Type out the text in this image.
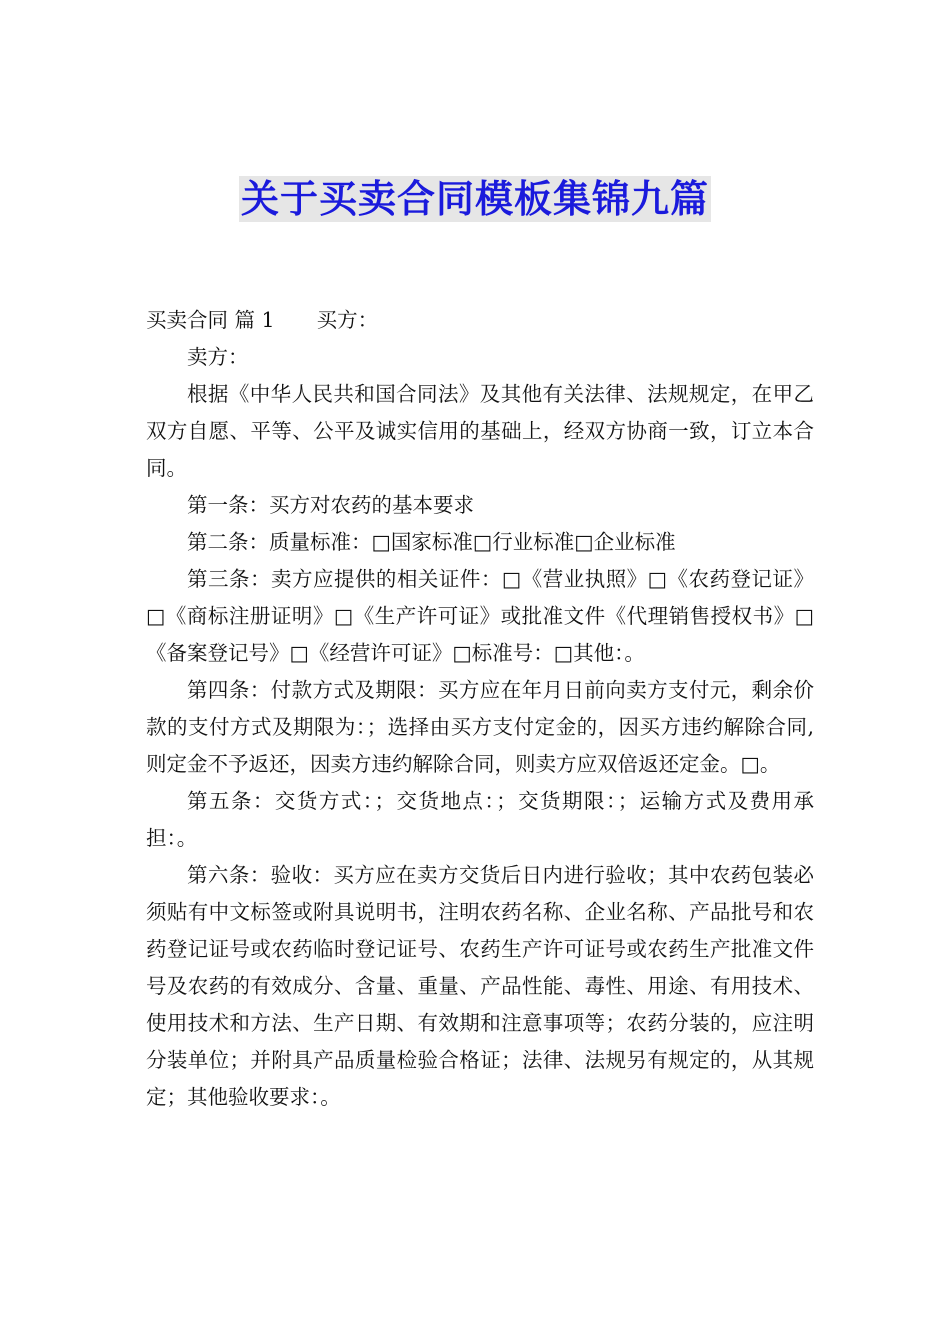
关于买卖合同模板集锦九篇

买卖合同 篇 1 买方：

卖方：

根据《中华人民共和国合同法》及其他有关法律、法规规定，在甲乙双方自愿、平等、公平及诚实信用的基础上，经双方协商一致，订立本合同。

第一条：买方对农药的基本要求

第二条：质量标准：□国家标准□行业标准□企业标准

第三条：卖方应提供的相关证件：□《营业执照》□《农药登记证》□《商标注册证明》□《生产许可证》或批准文件《代理销售授权书》□《备案登记号》□《经营许可证》□标准号：□其他：。

第四条：付款方式及期限：买方应在年月日前向卖方支付元，剩余价款的支付方式及期限为：；选择由买方支付定金的，因买方违约解除合同,则定金不予返还，因卖方违约解除合同，则卖方应双倍返还定金。□。

第五条：交货方式：；交货地点：；交货期限：；运输方式及费用承担：。

第六条：验收：买方应在卖方交货后日内进行验收；其中农药包装必须贴有中文标签或附具说明书，注明农药名称、企业名称、产品批号和农药登记证号或农药临时登记证号、农药生产许可证号或农药生产批准文件号及农药的有效成分、含量、重量、产品性能、毒性、用途、有用技术、使用技术和方法、生产日期、有效期和注意事项等；农药分装的，应注明分装单位；并附具产品质量检验合格证；法律、法规另有规定的，从其规定；其他验收要求：。
